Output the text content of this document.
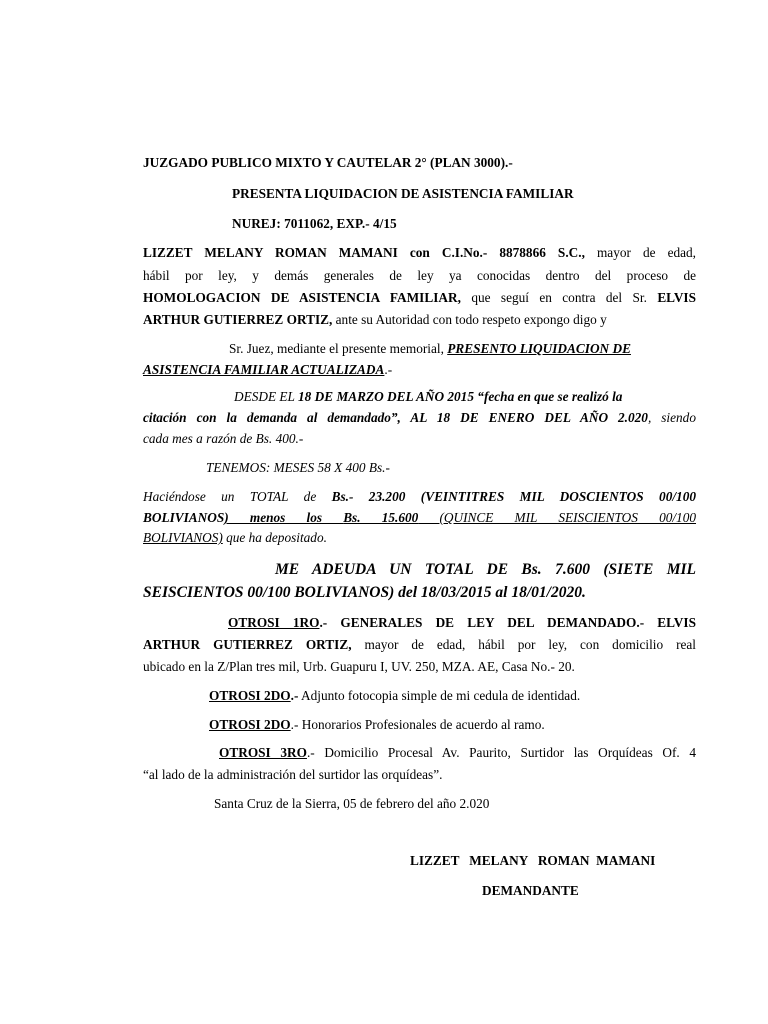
JUZGADO PUBLICO MIXTO Y CAUTELAR 2° (PLAN 3000).-
PRESENTA LIQUIDACION DE ASISTENCIA FAMILIAR
NUREJ: 7011062, EXP.- 4/15
LIZZET MELANY ROMAN MAMANI con C.I.No.- 8878866 S.C., mayor de edad,
hábil por ley, y demás generales de ley ya conocidas dentro del proceso de
HOMOLOGACION DE ASISTENCIA FAMILIAR, que seguí en contra del Sr. ELVIS
ARTHUR GUTIERREZ ORTIZ, ante su Autoridad con todo respeto expongo digo y
Sr. Juez, mediante el presente memorial, PRESENTO LIQUIDACION DE
ASISTENCIA FAMILIAR ACTUALIZADA.-
DESDE EL 18 DE MARZO DEL AÑO 2015 “fecha en que se realizó la
citación con la demanda al demandado”, AL 18 DE ENERO DEL AÑO 2.020, siendo
cada mes a razón de Bs. 400.-
TENEMOS: MESES 58 X 400 Bs.-
Haciéndose un TOTAL de Bs.- 23.200 (VEINTITRES MIL DOSCIENTOS 00/100
BOLIVIANOS) menos los Bs. 15.600 (QUINCE MIL SEISCIENTOS 00/100
BOLIVIANOS) que ha depositado.
ME ADEUDA UN TOTAL DE Bs. 7.600 (SIETE MIL
SEISCIENTOS 00/100 BOLIVIANOS) del 18/03/2015 al 18/01/2020.
OTROSI 1RO.- GENERALES DE LEY DEL DEMANDADO.- ELVIS
ARTHUR GUTIERREZ ORTIZ, mayor de edad, hábil por ley, con domicilio real
ubicado en la Z/Plan tres mil, Urb. Guapuru I, UV. 250, MZA. AE, Casa No.- 20.
OTROSI 2DO.- Adjunto fotocopia simple de mi cedula de identidad.
OTROSI 2DO.- Honorarios Profesionales de acuerdo al ramo.
OTROSI 3RO.- Domicilio Procesal Av. Paurito, Surtidor las Orquídeas Of. 4
“al lado de la administración del surtidor las orquídeas”.
Santa Cruz de la Sierra, 05 de febrero del año 2.020
LIZZET   MELANY   ROMAN  MAMANI
DEMANDANTE
